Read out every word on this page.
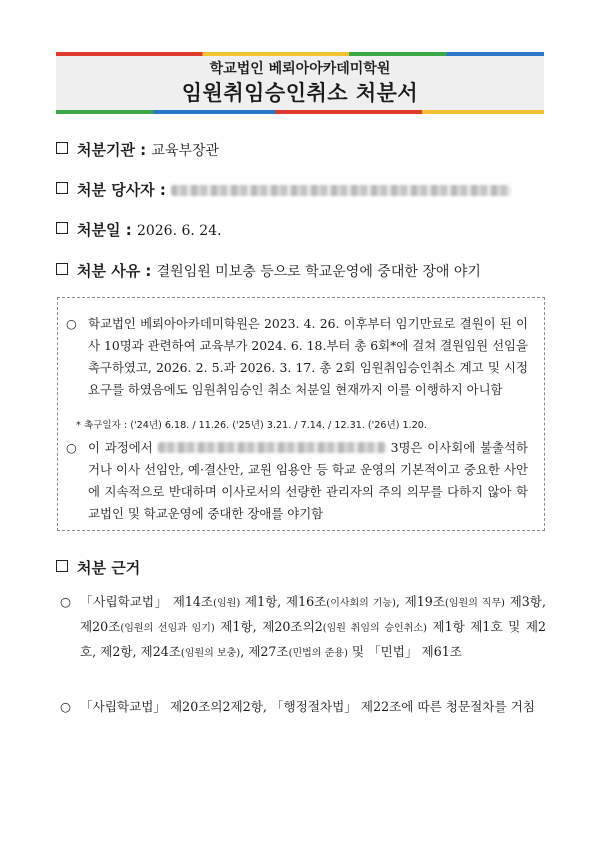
학교법인 베뢰아아카데미학원
임원취임승인취소 처분서
처분기관 : 교육부장관
처분 당사자 :
처분일 : 2026. 6. 24.
처분 사유 : 결원임원 미보충 등으로 학교운영에 중대한 장애 야기
○ 학교법인 베뢰아아카데미학원은 2023. 4. 26. 이후부터 임기만료로 결원이 된 이사 10명과 관련하여 교육부가 2024. 6. 18.부터 총 6회*에 걸쳐 결원임원 선임을 촉구하였고, 2026. 2. 5.과 2026. 3. 17. 총 2회 임원취임승인취소 계고 및 시정요구를 하였음에도 임원취임승인 취소 처분일 현재까지 이를 이행하지 아니함
* 촉구일자 : ('24년) 6.18. / 11.26. ('25년) 3.21. / 7.14. / 12.31. ('26년) 1.20.
○ 이 과정에서	3명은 이사회에 불출석하거나 이사 선임안, 예·결산안, 교원 임용안 등 학교 운영의 기본적이고 중요한 사안에 지속적으로 반대하며 이사로서의 선량한 관리자의 주의 의무를 다하지 않아 학교법인 및 학교운영에 중대한 장애를 야기함
처분 근거
○ 「사립학교법」 제14조(임원) 제1항, 제16조(이사회의 기능), 제19조(임원의 직무) 제3항, 제20조(임원의 선임과 임기) 제1항, 제20조의2(임원 취임의 승인취소) 제1항 제1호 및 제2호, 제2항, 제24조(임원의 보충), 제27조(민법의 준용) 및 「민법」 제61조
○ 「사립학교법」 제20조의2제2항, 「행정절차법」 제22조에 따른 청문절차를 거침
